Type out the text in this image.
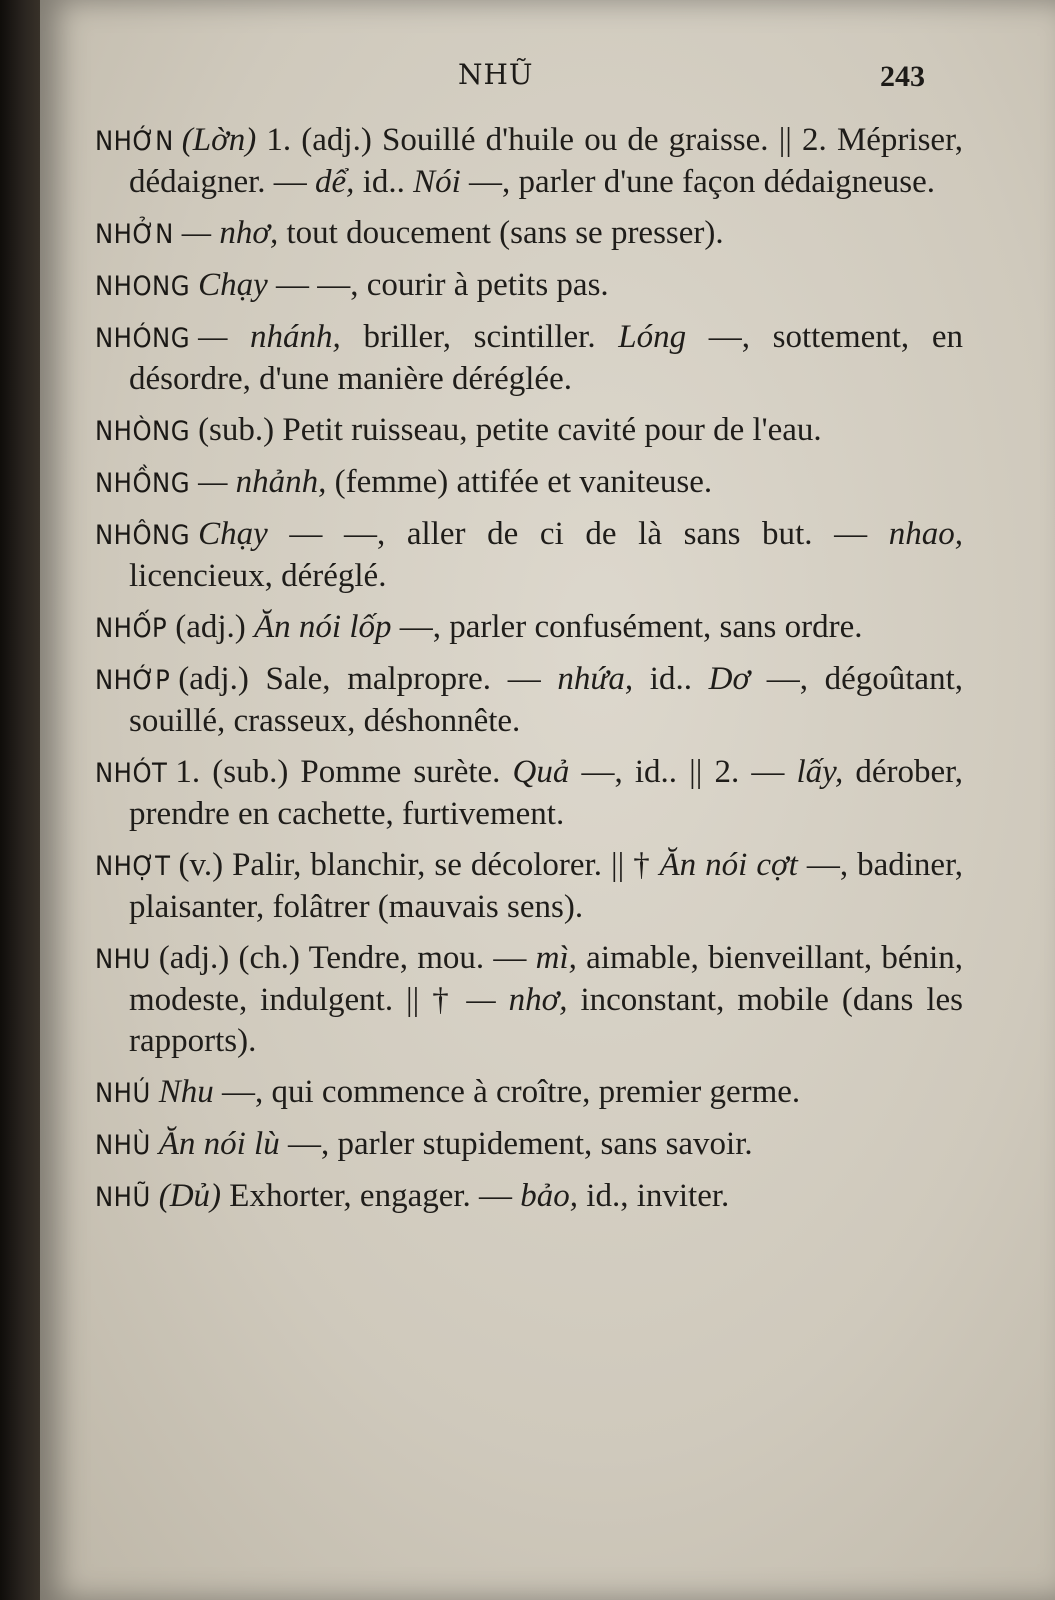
NHŨ	243
NHỚN (Lờn) 1. (adj.) Souillé d'huile ou de graisse. || 2. Mépriser, dédaigner. — dể, id.. Nói —, parler d'une façon dédaigneuse.
NHỞN — nhơ, tout doucement (sans se presser).
NHONG Chạy — —, courir à petits pas.
NHÓNG — nhánh, briller, scintiller. Lóng —, sottement, en désordre, d'une manière déréglée.
NHÒNG (sub.) Petit ruisseau, petite cavité pour de l'eau.
NHỒNG — nhảnh, (femme) attifée et vaniteuse.
NHÔNG Chạy — —, aller de ci de là sans but. — nhao, licencieux, déréglé.
NHỐP (adj.) Ăn nói lốp —, parler confusément, sans ordre.
NHỚP (adj.) Sale, malpropre. — nhứa, id.. Dơ —, dégoûtant, souillé, crasseux, déshonnête.
NHÓT 1. (sub.) Pomme surète. Quả —, id.. || 2. — lấy, dérober, prendre en cachette, furtivement.
NHỢT (v.) Palir, blanchir, se décolorer. || † Ăn nói cợt —, badiner, plaisanter, folâtrer (mauvais sens).
NHU (adj.) (ch.) Tendre, mou. — mì, aimable, bienveillant, bénin, modeste, indulgent. || † — nhơ, inconstant, mobile (dans les rapports).
NHÚ Nhu —, qui commence à croître, premier germe.
NHÙ Ăn nói lù —, parler stupidement, sans savoir.
NHŨ (Dủ) Exhorter, engager. — bảo, id., inviter.
